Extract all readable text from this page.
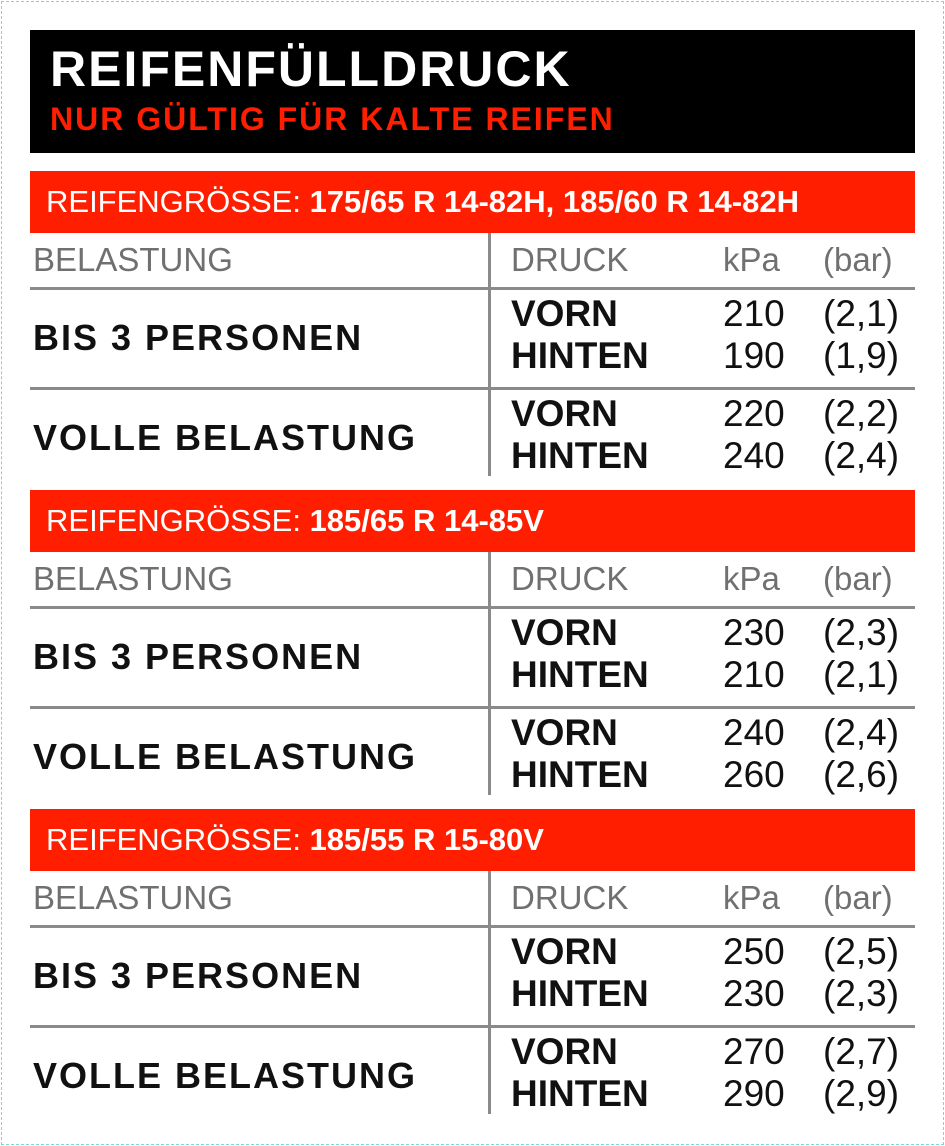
REIFENFÜLLDRUCK
NUR GÜLTIG FÜR KALTE REIFEN
REIFENGRÖSSE: 175/65 R 14-82H, 185/60 R 14-82H
BELASTUNG	DRUCK	kPa (bar)
BIS 3 PERSONEN
VORN	210 (2,1)
HINTEN 190 (1,9)
VOLLE BELASTUNG
VORN	220 (2,2)
HINTEN 240 (2,4)
REIFENGRÖSSE: 185/65 R 14-85V
BELASTUNG	DRUCK	kPa (bar)
BIS 3 PERSONEN
VORN	230 (2,3)
HINTEN 210 (2,1)
VOLLE BELASTUNG
VORN	240 (2,4)
HINTEN 260 (2,6)
REIFENGRÖSSE: 185/55 R 15-80V
BELASTUNG	DRUCK	kPa (bar)
BIS 3 PERSONEN
VORN	250 (2,5)
HINTEN 230 (2,3)
VOLLE BELASTUNG
VORN	270 (2,7)
HINTEN 290 (2,9)
